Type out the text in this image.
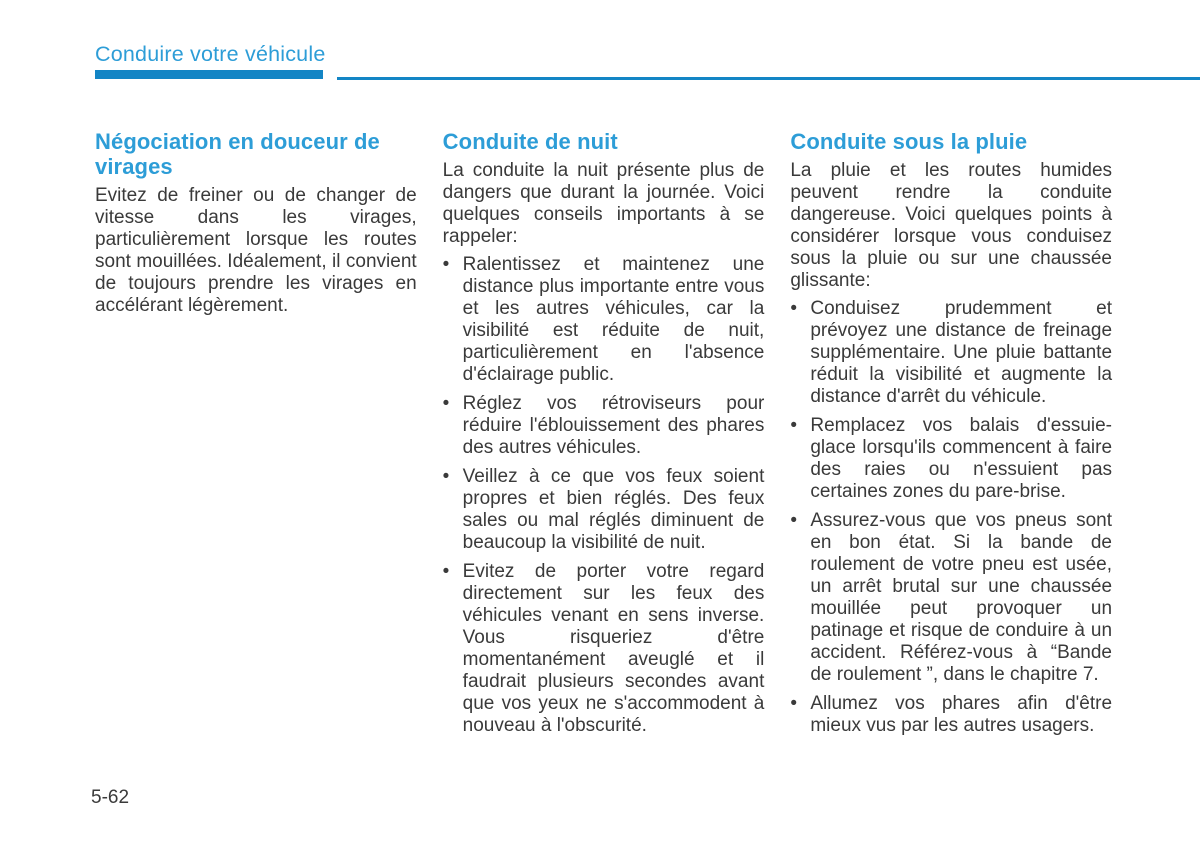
Conduire votre véhicule
Négociation en douceur de virages

Evitez de freiner ou de changer de vitesse dans les virages, particulièrement lorsque les routes sont mouillées. Idéalement, il convient de toujours prendre les virages en accélérant légèrement.

Conduite de nuit

La conduite la nuit présente plus de dangers que durant la journée. Voici quelques conseils importants à se rappeler:

• Ralentissez et maintenez une distance plus importante entre vous et les autres véhicules, car la visibilité est réduite de nuit, particulièrement en l'absence d'éclairage public.

• Réglez vos rétroviseurs pour réduire l'éblouissement des phares des autres véhicules.

• Veillez à ce que vos feux soient propres et bien réglés. Des feux sales ou mal réglés diminuent de beaucoup la visibilité de nuit.

• Evitez de porter votre regard directement sur les feux des véhicules venant en sens inverse. Vous risqueriez d'être momentanément aveuglé et il faudrait plusieurs secondes avant que vos yeux ne s'accommodent à nouveau à l'obscurité.

Conduite sous la pluie

La pluie et les routes humides peuvent rendre la conduite dangereuse. Voici quelques points à considérer lorsque vous conduisez sous la pluie ou sur une chaussée glissante:

• Conduisez prudemment et prévoyez une distance de freinage supplémentaire. Une pluie battante réduit la visibilité et augmente la distance d'arrêt du véhicule.

• Remplacez vos balais d'essuie-glace lorsqu'ils commencent à faire des raies ou n'essuient pas certaines zones du pare-brise.

• Assurez-vous que vos pneus sont en bon état. Si la bande de roulement de votre pneu est usée, un arrêt brutal sur une chaussée mouillée peut provoquer un patinage et risque de conduire à un accident. Référez-vous à “Bande de roulement ”, dans le chapitre 7.

• Allumez vos phares afin d'être mieux vus par les autres usagers.

5-62
